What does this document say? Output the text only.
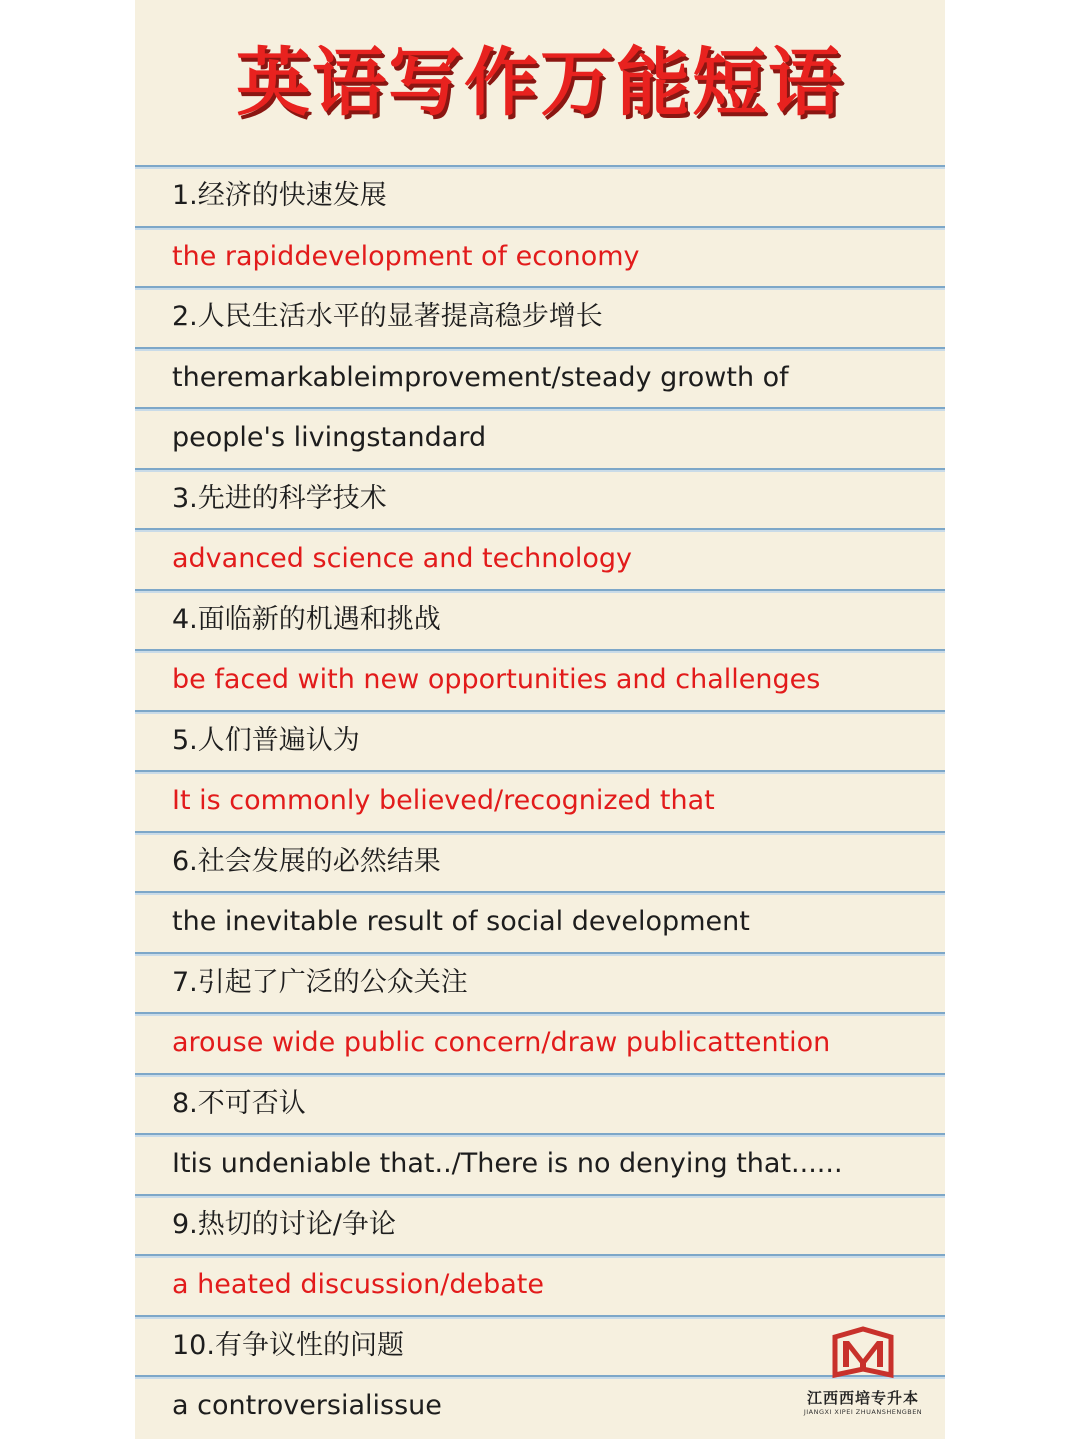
英语写作万能短语
1.经济的快速发展
the rapiddevelopment of economy
2.人民生活水平的显著提高稳步增长
theremarkableimprovement/steady growth of
people's livingstandard
3.先进的科学技术
advanced science and technology
4.面临新的机遇和挑战
be faced with new opportunities and challenges
5.人们普遍认为
It is commonly believed/recognized that
6.社会发展的必然结果
the inevitable result of social development
7.引起了广泛的公众关注
arouse wide public concern/draw publicattention
8.不可否认
Itis undeniable that../There is no denying that......
9.热切的讨论/争论
a heated discussion/debate
10.有争议性的问题
a controversialissue	江西西培专升本
JIANGXI XIPEI ZHUANSHENGBEN
